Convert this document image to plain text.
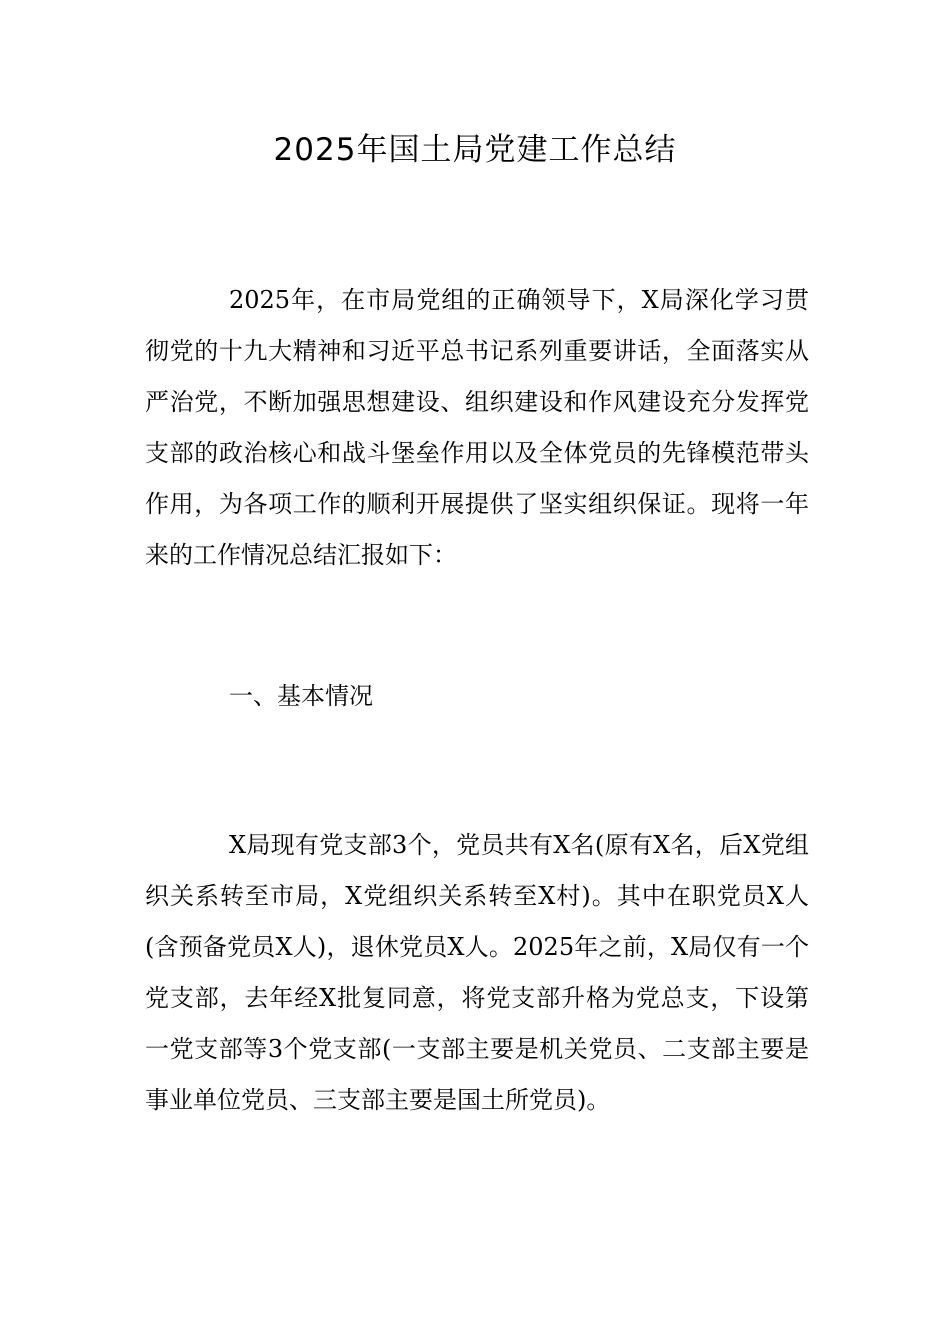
2025年国土局党建工作总结

2025年，在市局党组的正确领导下，X局深化学习贯彻党的十九大精神和习近平总书记系列重要讲话，全面落实从严治党，不断加强思想建设、组织建设和作风建设充分发挥党支部的政治核心和战斗堡垒作用以及全体党员的先锋模范带头作用，为各项工作的顺利开展提供了坚实组织保证。现将一年来的工作情况总结汇报如下：

一、基本情况

X局现有党支部3个，党员共有X名(原有X名，后X党组织关系转至市局，X党组织关系转至X村)。其中在职党员X人(含预备党员X人)，退休党员X人。2025年之前，X局仅有一个党支部，去年经X批复同意，将党支部升格为党总支，下设第一党支部等3个党支部(一支部主要是机关党员、二支部主要是事业单位党员、三支部主要是国土所党员)。
